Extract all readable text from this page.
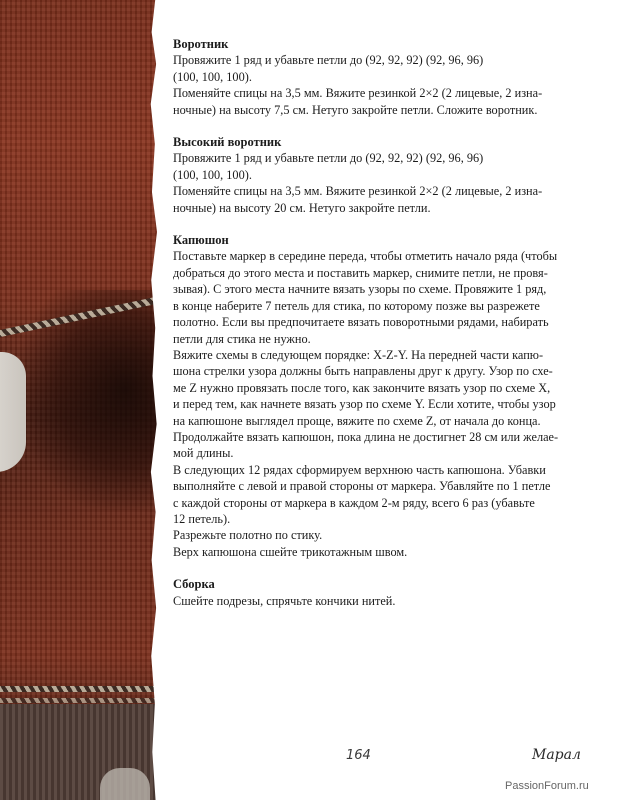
Воротник

Провяжите 1 ряд и убавьте петли до (92, 92, 92) (92, 96, 96)

(100, 100, 100).

Поменяйте спицы на 3,5 мм. Вяжите резинкой 2×2 (2 лицевые, 2 изна-

ночные) на высоту 7,5 см. Нетуго закройте петли. Сложите воротник.

Высокий воротник

Провяжите 1 ряд и убавьте петли до (92, 92, 92) (92, 96, 96)

(100, 100, 100).

Поменяйте спицы на 3,5 мм. Вяжите резинкой 2×2 (2 лицевые, 2 изна-

ночные) на высоту 20 см. Нетуго закройте петли.

Капюшон

Поставьте маркер в середине переда, чтобы отметить начало ряда (чтобы

добраться до этого места и поставить маркер, снимите петли, не провя-

зывая). С этого места начните вязать узоры по схеме. Провяжите 1 ряд,

в конце наберите 7 петель для стика, по которому позже вы разрежете

полотно. Если вы предпочитаете вязать поворотными рядами, набирать

петли для стика не нужно.

Вяжите схемы в следующем порядке: X-Z-Y. На передней части капю-

шона стрелки узора должны быть направлены друг к другу. Узор по схе-

ме Z нужно провязать после того, как закончите вязать узор по схеме X,

и перед тем, как начнете вязать узор по схеме Y. Если хотите, чтобы узор

на капюшоне выглядел проще, вяжите по схеме Z, от начала до конца.

Продолжайте вязать капюшон, пока длина не достигнет 28 см или желае-

мой длины.

В следующих 12 рядах сформируем верхнюю часть капюшона. Убавки

выполняйте с левой и правой стороны от маркера. Убавляйте по 1 петле

с каждой стороны от маркера в каждом 2-м ряду, всего 6 раз (убавьте

12 петель).

Разрежьте полотно по стику.

Верх капюшона сшейте трикотажным швом.

Сборка

Сшейте подрезы, спрячьте кончики нитей.

164	Марал
PassionForum.ru
